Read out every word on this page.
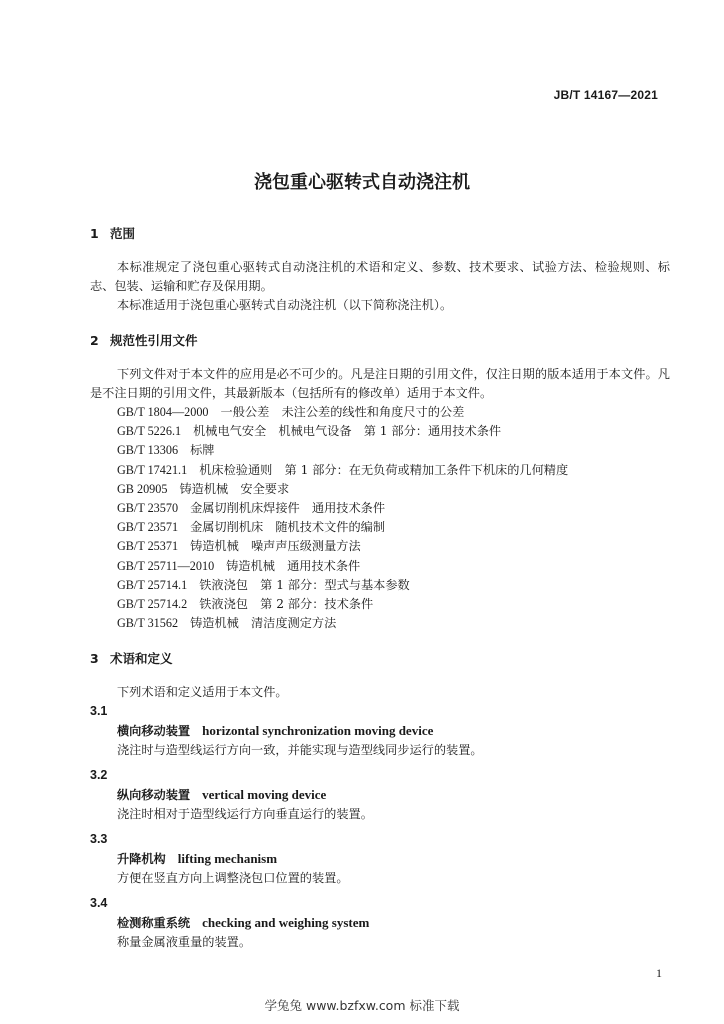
JB/T 14167—2021
浇包重心驱转式自动浇注机
1 范围

本标准规定了浇包重心驱转式自动浇注机的术语和定义、参数、技术要求、试验方法、检验规则、标志、包装、运输和贮存及保用期。

本标准适用于浇包重心驱转式自动浇注机（以下简称浇注机）。

2 规范性引用文件

下列文件对于本文件的应用是必不可少的。凡是注日期的引用文件，仅注日期的版本适用于本文件。凡是不注日期的引用文件，其最新版本（包括所有的修改单）适用于本文件。

GB/T 1804—2000 一般公差　未注公差的线性和角度尺寸的公差
GB/T 5226.1 机械电气安全　机械电气设备　第 1 部分：通用技术条件
GB/T 13306 标牌
GB/T 17421.1 机床检验通则　第 1 部分：在无负荷或精加工条件下机床的几何精度
GB 20905 铸造机械　安全要求
GB/T 23570 金属切削机床焊接件　通用技术条件
GB/T 23571 金属切削机床　随机技术文件的编制
GB/T 25371 铸造机械　噪声声压级测量方法
GB/T 25711—2010 铸造机械　通用技术条件
GB/T 25714.1 铁液浇包　第 1 部分：型式与基本参数
GB/T 25714.2 铁液浇包　第 2 部分：技术条件
GB/T 31562 铸造机械　清洁度测定方法
3 术语和定义

下列术语和定义适用于本文件。

3.1
横向移动装置 horizontal synchronization moving device
浇注时与造型线运行方向一致，并能实现与造型线同步运行的装置。
3.2
纵向移动装置 vertical moving device
浇注时相对于造型线运行方向垂直运行的装置。
3.3
升降机构 lifting mechanism
方便在竖直方向上调整浇包口位置的装置。
3.4
检测称重系统 checking and weighing system
称量金属液重量的装置。
1
学兔兔 www.bzfxw.com 标准下载
